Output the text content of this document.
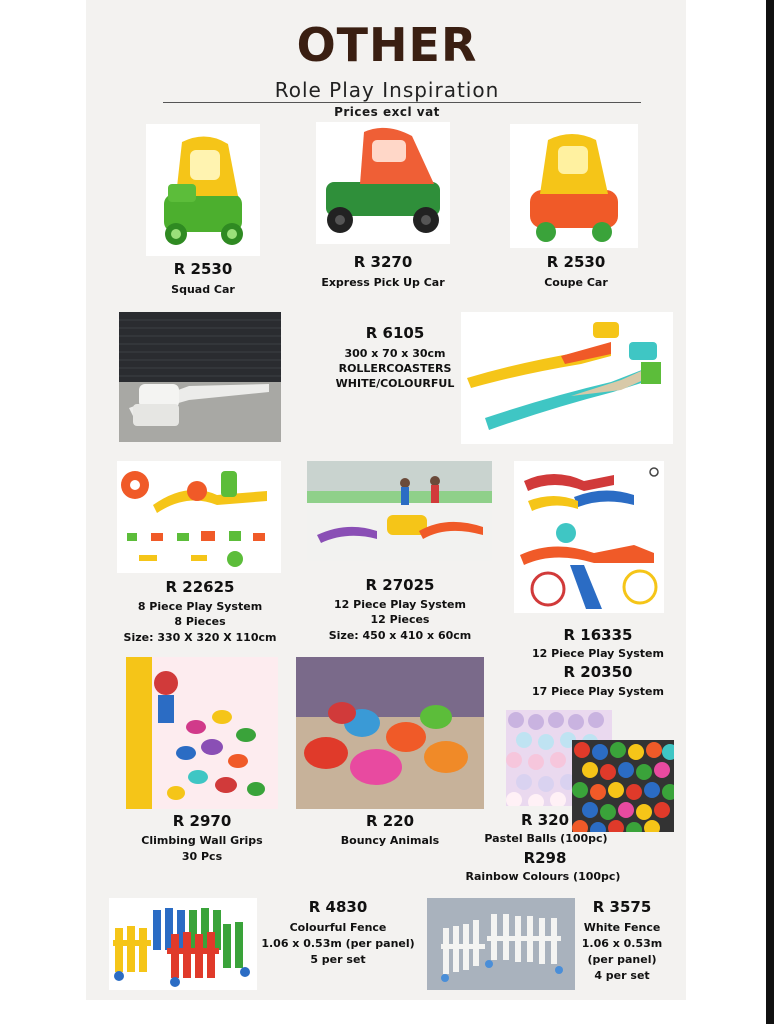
OTHER
Role Play Inspiration
Prices excl vat
R 2530
Squad Car
R 3270
Express Pick Up Car
R 2530
Coupe Car
R 6105
300 x 70 x 30cm
ROLLERCOASTERS
WHITE/COLOURFUL
R 22625
8 Piece Play System
8 Pieces
Size: 330 X 320 X 110cm
R 27025
12 Piece Play System
12 Pieces
Size: 450 x 410 x 60cm	R 16335
12 Piece Play System
R 20350
17 Piece Play System
R 2970
Climbing Wall Grips
30 Pcs
R 220
Bouncy Animals
R 320
Pastel Balls (100pc)
R298
Rainbow Colours (100pc)
R 4830
Colourful Fence
1.06 x 0.53m (per panel)
5 per set
R 3575
White Fence
1.06 x 0.53m
(per panel)
4 per set
